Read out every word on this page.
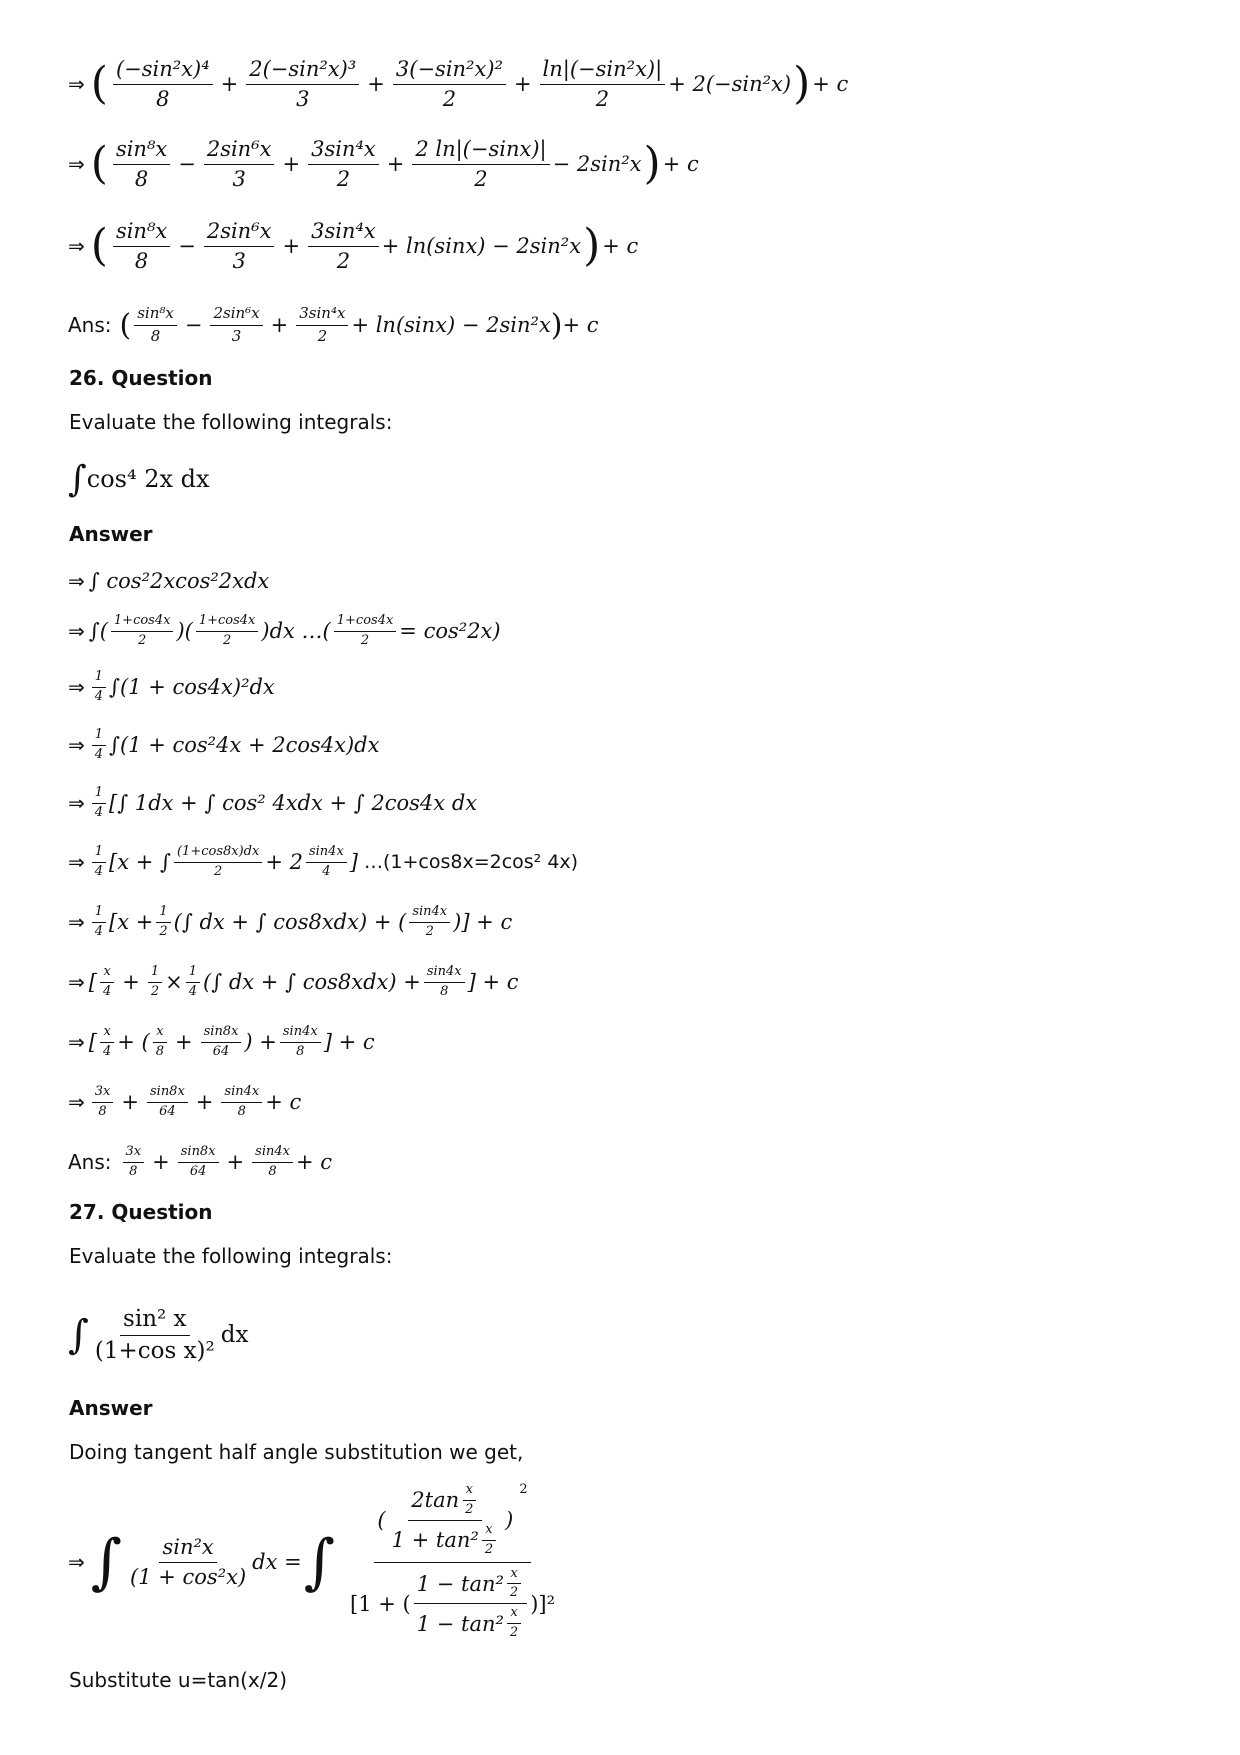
⇒ ( $\frac{\text{(−sin²x)⁴}}{8} + \frac{\text{2(−sin²x)³}}{3} + \frac{\text{3(−sin²x)²}}{2} + \frac{\text{ln|(−sin²x)|}}{2} + 2(-\sin^2x)$ ) + c
⇒ ( $\frac{\text{sin⁸x}}{8} - \frac{\text{2sin⁶x}}{3} + \frac{\text{3sin⁴x}}{2} + \frac{2 \ln|(-\sin x)|}{2} - 2\sin^2x$ ) + c
⇒ ( $\frac{\text{sin⁸x}}{8} - \frac{\text{2sin⁶x}}{3} + \frac{\text{3sin⁴x}}{2} + \ln(\sin x) - 2\sin^2x$ ) + c
Ans: ( $\frac{\text{sin⁸x}}{8} - \frac{\text{2sin⁶x}}{3} + \frac{\text{3sin⁴x}}{2} + \ln(\sin x) - 2\sin^2x$ ) + c
26. Question
Evaluate the following integrals:
∫ cos⁴ 2x dx
Answer
⇒ ∫ cos²2xcos²2xdx
⇒ ∫( $\frac{1+\cos 4x}{2}$ )( $\frac{1+\cos 4x}{2} )dx$ …( $\frac{1+\cos 4x}{2} = \cos^22x$)
⇒ $\frac{1}{4} \int(1 + \cos 4x)^2dx$
⇒ $\frac{1}{4} \int(1 + \cos^24x + 2\cos 4x)dx$
⇒ $\frac{1}{4}$ [∫ 1dx + ∫ cos² 4xdx + ∫ 2cos4x dx
⇒ $\frac{1}{4} [x$ + ∫ $\frac{(1+\cos 8x)dx}{2} + 2 \frac{\sin 4x}{4}$ ] …(1+cos8x=2cos² 4x)
⇒ $\frac{1}{4} [x + \frac{1}{2}$ (∫ dx + ∫ cos8xdx) + ( $\frac{\sin 4x}{2}$ )] + c
⇒ [ $\frac{x}{4} + \frac{1}{2} \times \frac{1}{4}$ (∫ dx + ∫ $\cos 8xdx) + \frac{\sin 4x}{8}$ ] + c
⇒ [ $\frac{x}{4}$ + ( $\frac{x}{8} + \frac{\sin 8x}{64}$ ) + $\frac{\sin 4x}{8}$ ] + c
⇒ $\frac{3x}{8} + \frac{\sin 8x}{64} + \frac{\sin 4x}{8} + c$
Ans: $\frac{3x}{8} + \frac{\sin 8x}{64} + \frac{\sin 4x}{8} + c$
27. Question
Evaluate the following integrals:
∫ $\frac{\text{sin² x}}{\text{(1+cos x)²}}$ dx
Answer
Doing tangent half angle substitution we get,
⇒ ∫ $\frac{\text{sin²x}}{\text{(1 + cos²x)}}$ dx = ∫
( $\frac{2\tan \frac{x}{2}}{1 + \tan^2 \frac{x}{2}}$ )
2
[1 + ( $\frac{1 - \tan^2 \frac{x}{2}}{1 - \tan^2 \frac{x}{2}} )]^2$
Substitute u=tan(x/2)
